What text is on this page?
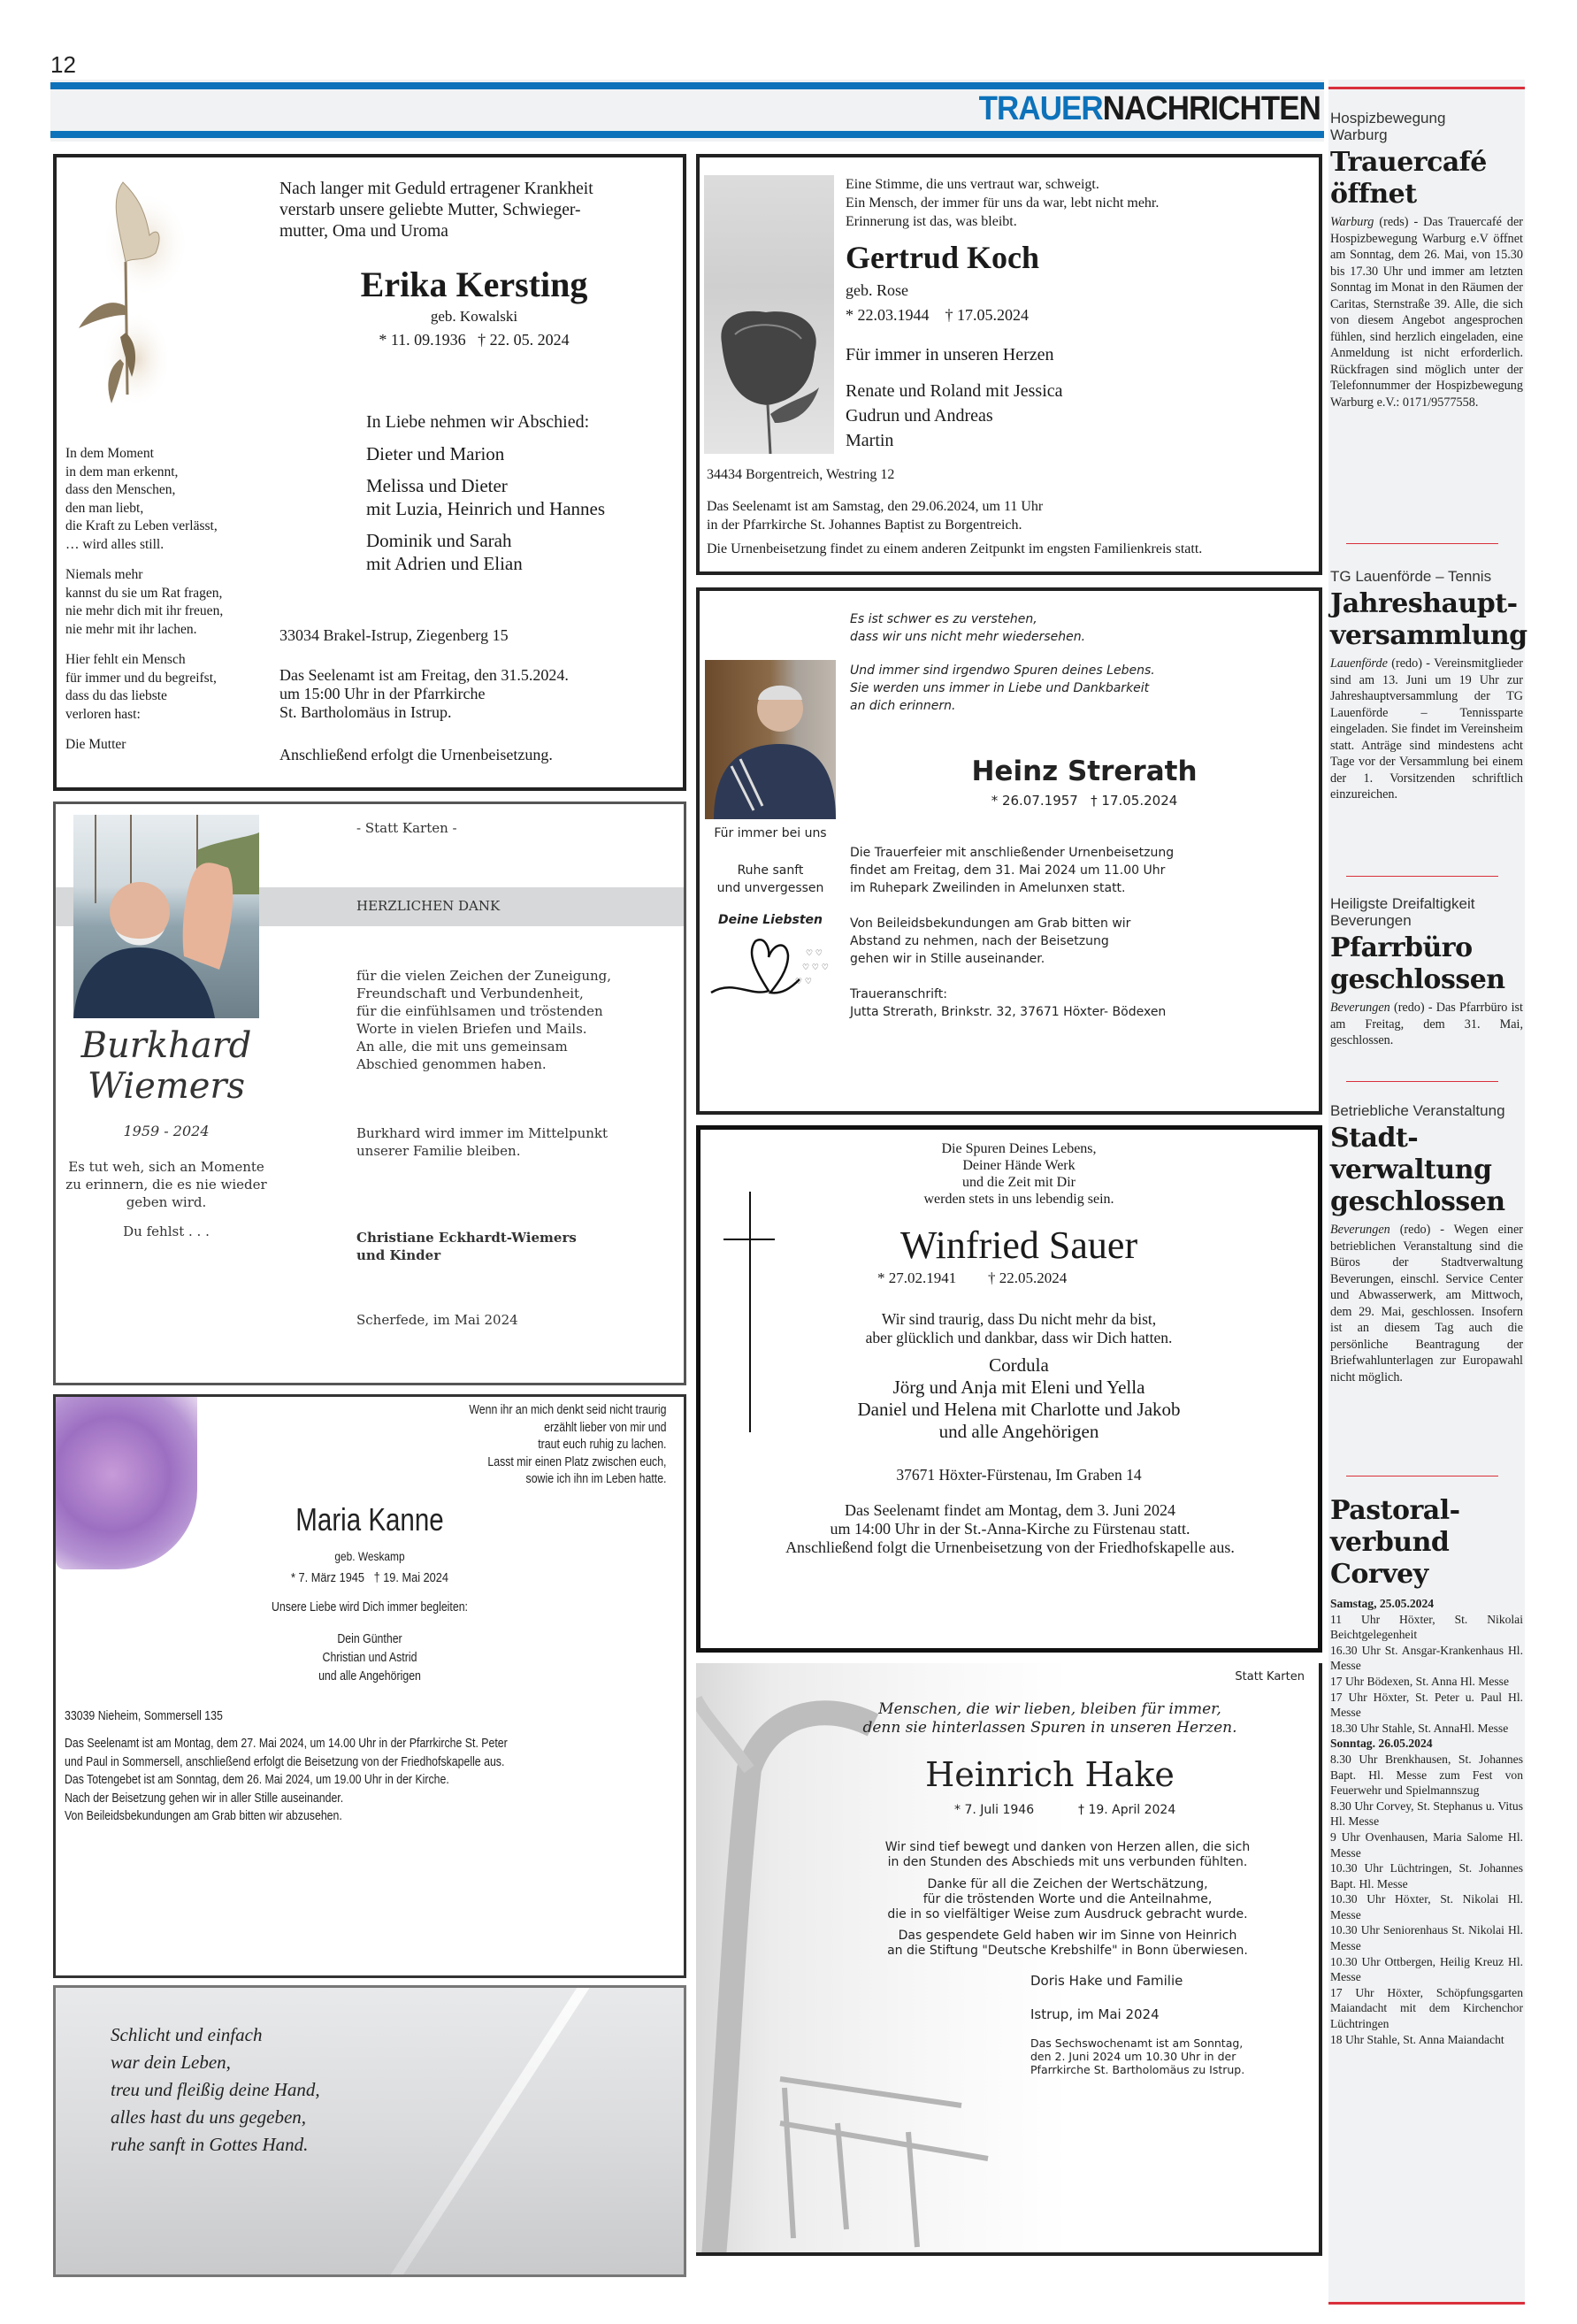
12
TRAUERNACHRICHTEN
Nach langer mit Geduld ertragener Krankheit
verstarb unsere geliebte Mutter, Schwieger-
mutter, Oma und Uroma
Erika Kersting
geb. Kowalski
* 11. 09.1936   † 22. 05. 2024
In Liebe nehmen wir Abschied:
Dieter und Marion
Melissa und Dieter
mit Luzia, Heinrich und Hannes
Dominik und Sarah
mit Adrien und Elian
In dem Moment
in dem man erkennt,
dass den Menschen,
den man liebt,
die Kraft zu Leben verlässt,
… wird alles still.
Niemals mehr
kannst du sie um Rat fragen,
nie mehr dich mit ihr freuen,
nie mehr mit ihr lachen.
Hier fehlt ein Mensch
für immer und du begreifst,
dass du das liebste
verloren hast:
Die Mutter
33034 Brakel-Istrup, Ziegenberg 15
Das Seelenamt ist am Freitag, den 31.5.2024.
um 15:00 Uhr in der Pfarrkirche
St. Bartholomäus in Istrup.
Anschließend erfolgt die Urnenbeisetzung.
Eine Stimme, die uns vertraut war, schweigt.
Ein Mensch, der immer für uns da war, lebt nicht mehr.
Erinnerung ist das, was bleibt.
Gertrud Koch
geb. Rose
* 22.03.1944    † 17.05.2024
Für immer in unseren Herzen
Renate und Roland mit Jessica
Gudrun und Andreas
Martin
34434 Borgentreich, Westring 12
Das Seelenamt ist am Samstag, den 29.06.2024, um 11 Uhr
in der Pfarrkirche St. Johannes Baptist zu Borgentreich.
Die Urnenbeisetzung findet zu einem anderen Zeitpunkt im engsten Familienkreis statt.
Es ist schwer es zu verstehen,
dass wir uns nicht mehr wiedersehen.
Und immer sind irgendwo Spuren deines Lebens.
Sie werden uns immer in Liebe und Dankbarkeit
an dich erinnern.
Heinz Strerath
* 26.07.1957   † 17.05.2024
Für immer bei uns
Ruhe sanft
und unvergessen
Deine Liebsten
♡ ♡
♡ ♡ ♡
♡ ♡
Die Trauerfeier mit anschließender Urnenbeisetzung
findet am Freitag, dem 31. Mai 2024 um 11.00 Uhr
im Ruhepark Zweilinden in Amelunxen statt.
Von Beileidsbekundungen am Grab bitten wir
Abstand zu nehmen, nach der Beisetzung
gehen wir in Stille auseinander.
Traueranschrift:
Jutta Strerath, Brinkstr. 32, 37671 Höxter- Bödexen
- Statt Karten -
HERZLICHEN DANK
für die vielen Zeichen der Zuneigung,
Freundschaft und Verbundenheit,
für die einfühlsamen und tröstenden
Worte in vielen Briefen und Mails.
An alle, die mit uns gemeinsam
Abschied genommen haben.
Burkhard wird immer im Mittelpunkt
unserer Familie bleiben.
Christiane Eckhardt-Wiemers
und Kinder
Scherfede, im Mai 2024
Burkhard
Wiemers
1959 - 2024
Es tut weh, sich an Momente
zu erinnern, die es nie wieder
geben wird.
Du fehlst . . .
Die Spuren Deines Lebens,
Deiner Hände Werk
und die Zeit mit Dir
werden stets in uns lebendig sein.
Winfried Sauer
* 27.02.1941 † 22.05.2024
Wir sind traurig, dass Du nicht mehr da bist,
aber glücklich und dankbar, dass wir Dich hatten.
Cordula
Jörg und Anja mit Eleni und Yella
Daniel und Helena mit Charlotte und Jakob
und alle Angehörigen
37671 Höxter-Fürstenau, Im Graben 14
Das Seelenamt findet am Montag, dem 3. Juni 2024
um 14:00 Uhr in der St.-Anna-Kirche zu Fürstenau statt.
Anschließend folgt die Urnenbeisetzung von der Friedhofskapelle aus.
Wenn ihr an mich denkt seid nicht traurig
erzählt lieber von mir und
traut euch ruhig zu lachen.
Lasst mir einen Platz zwischen euch,
sowie ich ihn im Leben hatte.
Maria Kanne
geb. Weskamp
* 7. März 1945   † 19. Mai 2024
Unsere Liebe wird Dich immer begleiten:
Dein Günther
Christian und Astrid
und alle Angehörigen
33039 Nieheim, Sommersell 135
Das Seelenamt ist am Montag, dem 27. Mai 2024, um 14.00 Uhr in der Pfarrkirche St. Peter
und Paul in Sommersell, anschließend erfolgt die Beisetzung von der Friedhofskapelle aus.
Das Totengebet ist am Sonntag, dem 26. Mai 2024, um 19.00 Uhr in der Kirche.
Nach der Beisetzung gehen wir in aller Stille auseinander.
Von Beileidsbekundungen am Grab bitten wir abzusehen.
Schlicht und einfach
war dein Leben,
treu und fleißig deine Hand,
alles hast du uns gegeben,
ruhe sanft in Gottes Hand.
Statt Karten
Menschen, die wir lieben, bleiben für immer,
denn sie hinterlassen Spuren in unseren Herzen.
Heinrich Hake
* 7. Juli 1946	† 19. April 2024
Wir sind tief bewegt und danken von Herzen allen, die sich
in den Stunden des Abschieds mit uns verbunden fühlten.
Danke für all die Zeichen der Wertschätzung,
für die tröstenden Worte und die Anteilnahme,
die in so vielfältiger Weise zum Ausdruck gebracht wurde.
Das gespendete Geld haben wir im Sinne von Heinrich
an die Stiftung "Deutsche Krebshilfe" in Bonn überwiesen.
Doris Hake und Familie
Istrup, im Mai 2024
Das Sechswochenamt ist am Sonntag,
den 2. Juni 2024 um 10.30 Uhr in der
Pfarrkirche St. Bartholomäus zu Istrup.
Hospizbewegung
Warburg
Trauercafé
öffnet
Warburg (reds) - Das Trauercafé der Hospizbewegung Warburg e.V öffnet am Sonntag, dem 26. Mai, von 15.30 bis 17.30 Uhr und immer am letzten Sonntag im Monat in den Räumen der Caritas, Sternstraße 39. Alle, die sich von diesem Angebot angesprochen fühlen, sind herzlich eingeladen, eine Anmeldung ist nicht erforderlich. Rückfragen sind möglich unter der Telefonnummer der Hospizbewegung Warburg e.V.: 0171/9577558.
TG Lauenförde – Tennis
Jahreshaupt-
versammlung
Lauenförde (redo) - Vereinsmitglieder sind am 13. Juni um 19 Uhr zur Jahreshauptversammlung der TG Lauenförde – Tennissparte eingeladen. Sie findet im Vereinsheim statt. Anträge sind mindestens acht Tage vor der Versammlung bei einem der 1. Vorsitzenden schriftlich einzureichen.
Heiligste Dreifaltigkeit
Beverungen
Pfarrbüro
geschlossen
Beverungen (redo) - Das Pfarrbüro ist am Freitag, dem 31. Mai, geschlossen.
Betriebliche Veranstaltung
Stadt-
verwaltung
geschlossen
Beverungen (redo) - Wegen einer betrieblichen Veranstaltung sind die Büros der Stadtverwaltung Beverungen, einschl. Service Center und Abwasserwerk, am Mittwoch, dem 29. Mai, geschlossen. Insofern ist an diesem Tag auch die persönliche Beantragung der Briefwahlunterlagen zur Europawahl nicht möglich.
Pastoral-
verbund
Corvey
Samstag, 25.05.2024
11 Uhr Höxter, St. Nikolai Beichtgelegenheit
16.30 Uhr St. Ansgar-Krankenhaus Hl. Messe
17 Uhr Bödexen, St. Anna Hl. Messe
17 Uhr Höxter, St. Peter u. Paul Hl. Messe
18.30 Uhr Stahle, St. AnnaHl. Messe
Sonntag. 26.05.2024
8.30 Uhr Brenkhausen, St. Johannes Bapt. Hl. Messe zum Fest von Feuerwehr und Spielmannszug
8.30 Uhr Corvey, St. Stephanus u. Vitus Hl. Messe
9 Uhr Ovenhausen, Maria Salome Hl. Messe
10.30 Uhr Lüchtringen, St. Johannes Bapt. Hl. Messe
10.30 Uhr Höxter, St. Nikolai Hl. Messe
10.30 Uhr Seniorenhaus St. Nikolai Hl. Messe
10.30 Uhr Ottbergen, Heilig Kreuz Hl. Messe
17 Uhr Höxter, Schöpfungsgarten Maiandacht mit dem Kirchenchor Lüchtringen
18 Uhr Stahle, St. Anna Maiandacht
